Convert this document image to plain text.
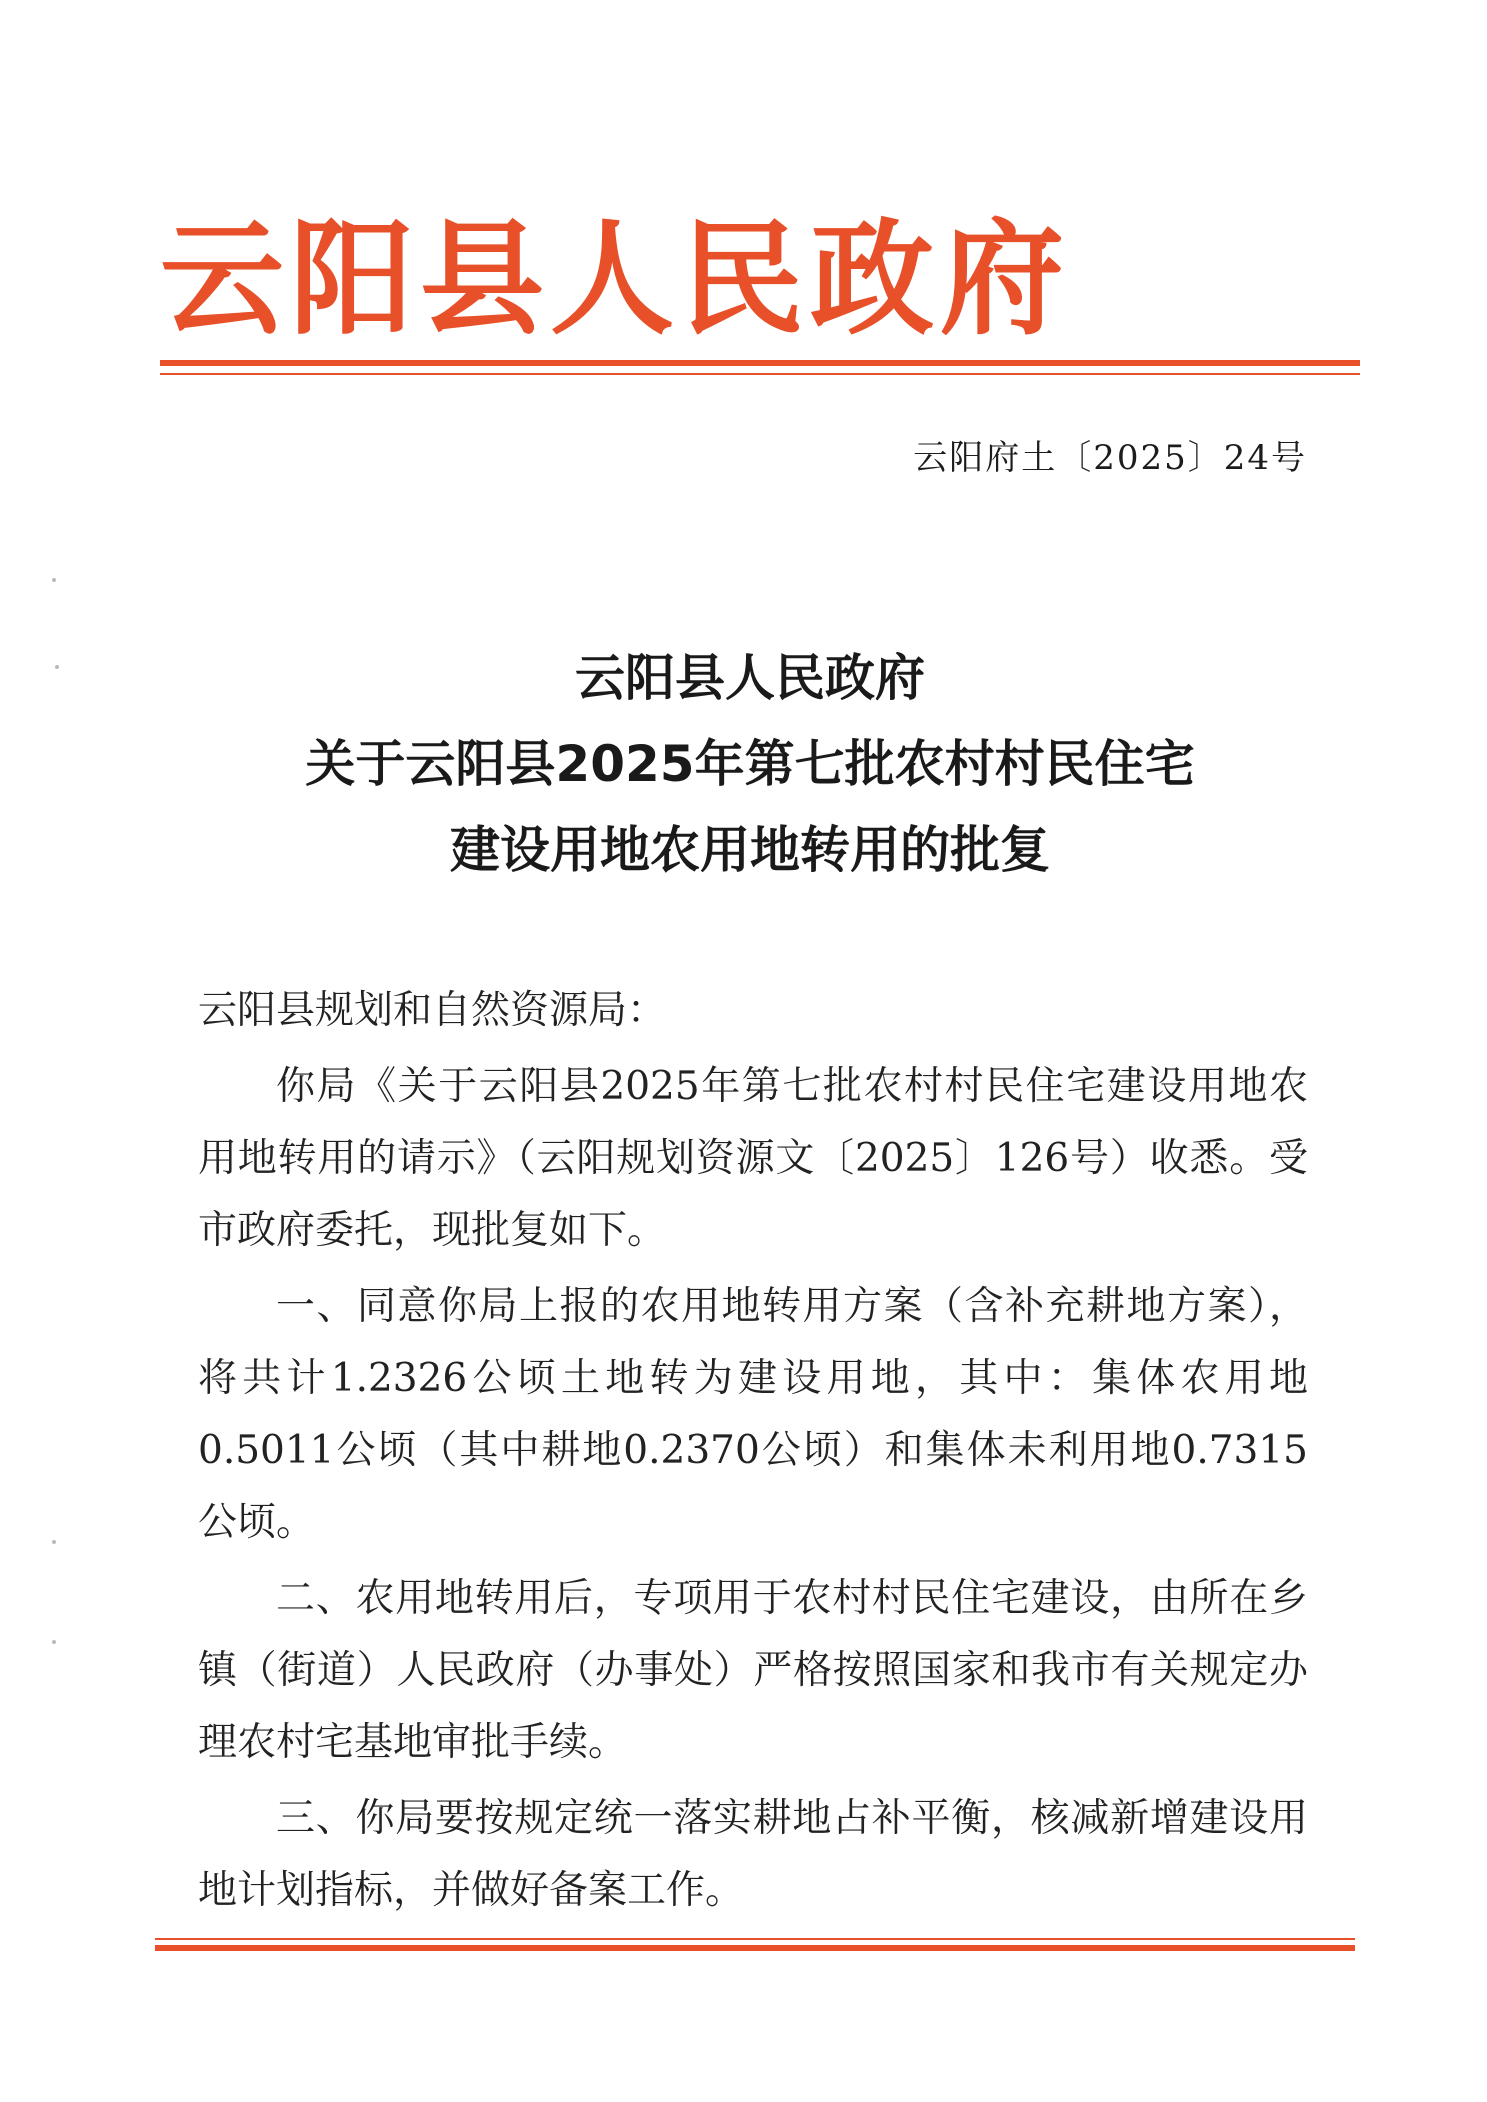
云阳县人民政府
云阳府土〔2025〕24号
云阳县人民政府
关于云阳县2025年第七批农村村民住宅
建设用地农用地转用的批复

云阳县规划和自然资源局：

你局《关于云阳县2025年第七批农村村民住宅建设用地农用地转用的请示》（云阳规划资源文〔2025〕126号）收悉。受市政府委托，现批复如下。

一、同意你局上报的农用地转用方案（含补充耕地方案），将共计1.2326公顷土地转为建设用地，其中：集体农用地0.5011公顷（其中耕地0.2370公顷）和集体未利用地0.7315公顷。

二、农用地转用后，专项用于农村村民住宅建设，由所在乡镇（街道）人民政府（办事处）严格按照国家和我市有关规定办理农村宅基地审批手续。

三、你局要按规定统一落实耕地占补平衡，核减新增建设用地计划指标，并做好备案工作。
